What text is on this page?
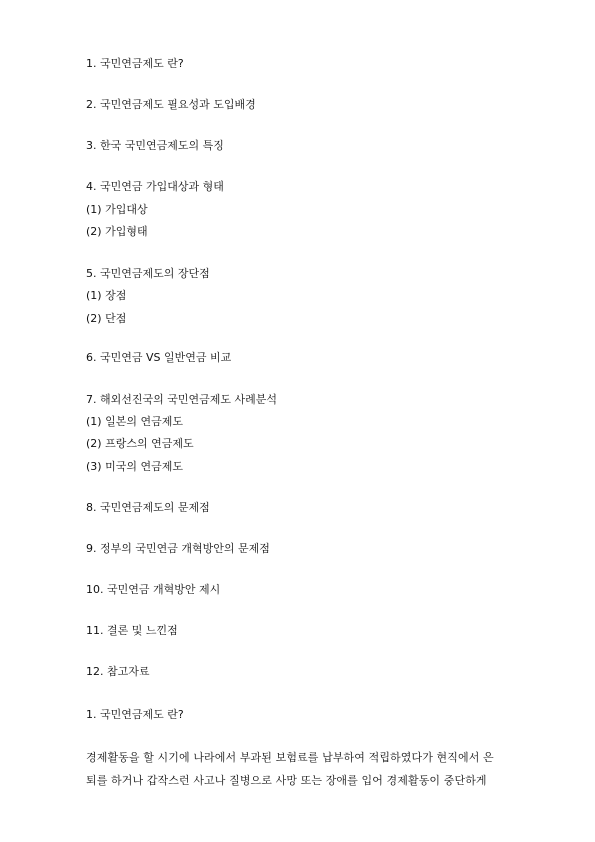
1. 국민연금제도 란?
2. 국민연금제도 필요성과 도입배경
3. 한국 국민연금제도의 특징
4. 국민연금 가입대상과 형태
(1) 가입대상
(2) 가입형태
5. 국민연금제도의 장단점
(1) 장점
(2) 단점
6. 국민연금 VS 일반연금 비교
7. 해외선진국의 국민연금제도 사례분석
(1) 일본의 연금제도
(2) 프랑스의 연금제도
(3) 미국의 연금제도
8. 국민연금제도의 문제점
9. 정부의 국민연금 개혁방안의 문제점
10. 국민연금 개혁방안 제시
11. 결론 및 느낀점
12. 참고자료
1. 국민연금제도 란?
경제활동을 할 시기에 나라에서 부과된 보험료를 납부하여 적립하였다가 현직에서 은
퇴를 하거나 갑작스런 사고나 질병으로 사망 또는 장애를 입어 경제활동이 중단하게
